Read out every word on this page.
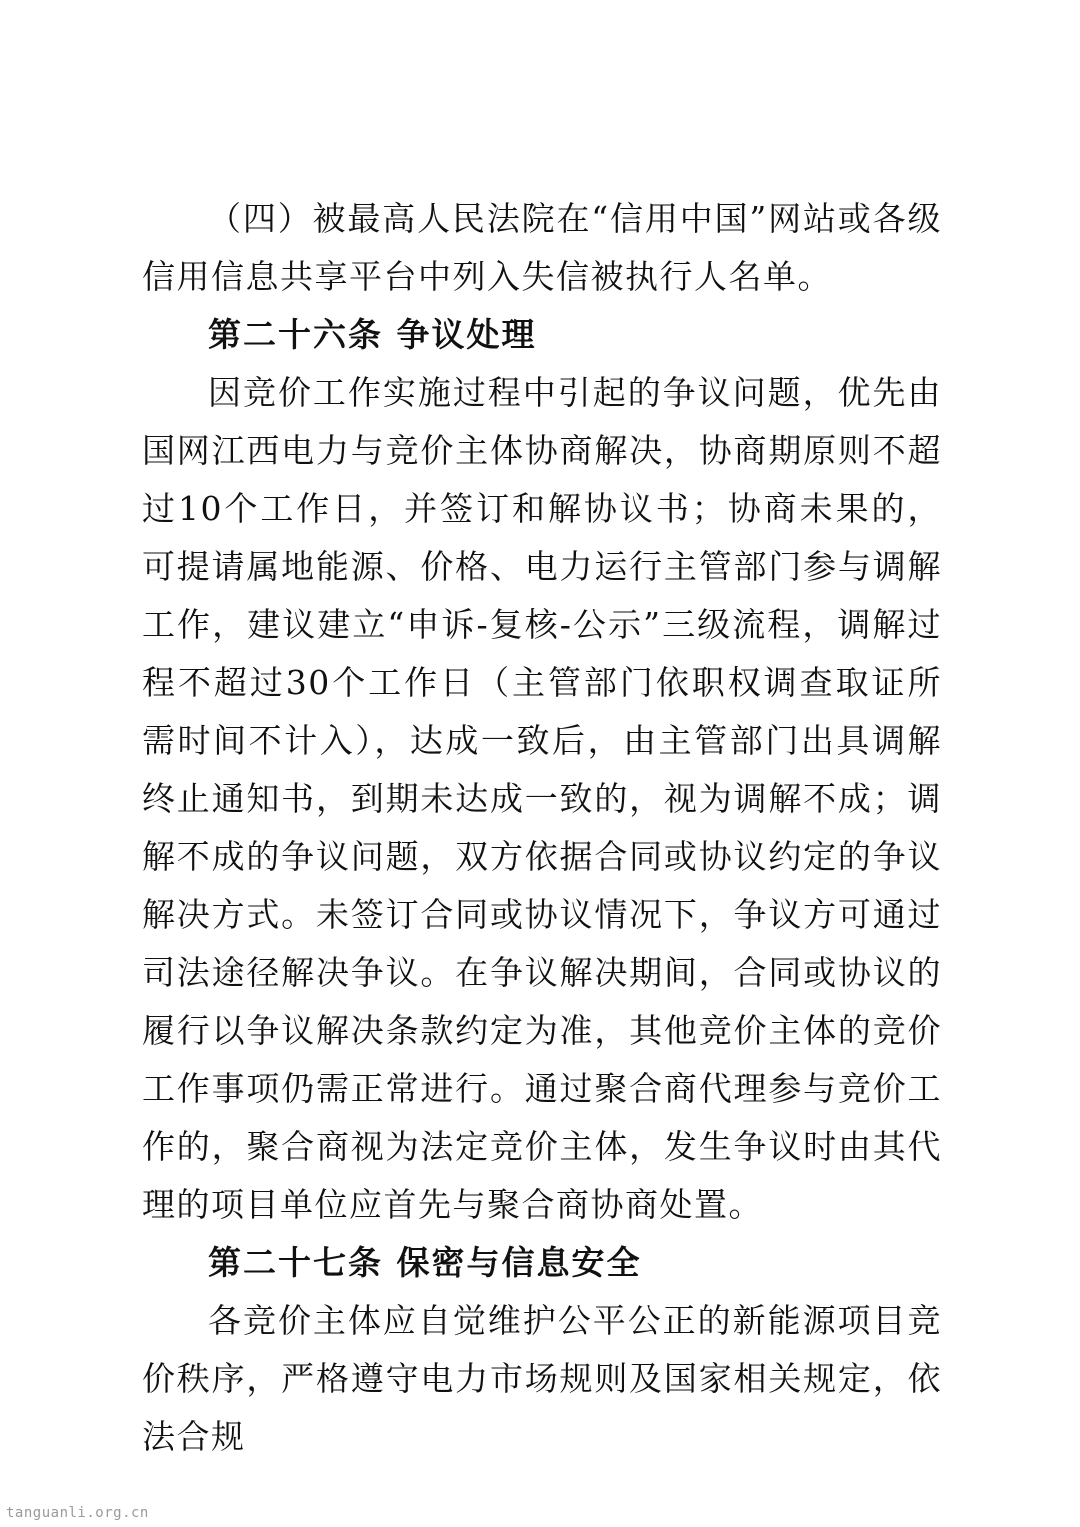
（四）被最高人民法院在“信用中国”网站或各级信用信息共享平台中列入失信被执行人名单。

第二十六条 争议处理

因竞价工作实施过程中引起的争议问题，优先由国网江西电力与竞价主体协商解决，协商期原则不超过10个工作日，并签订和解协议书；协商未果的，可提请属地能源、价格、电力运行主管部门参与调解工作，建议建立“申诉-复核-公示”三级流程，调解过程不超过30个工作日（主管部门依职权调查取证所需时间不计入），达成一致后，由主管部门出具调解终止通知书，到期未达成一致的，视为调解不成；调解不成的争议问题，双方依据合同或协议约定的争议解决方式。未签订合同或协议情况下，争议方可通过司法途径解决争议。在争议解决期间，合同或协议的履行以争议解决条款约定为准，其他竞价主体的竞价工作事项仍需正常进行。通过聚合商代理参与竞价工作的，聚合商视为法定竞价主体，发生争议时由其代理的项目单位应首先与聚合商协商处置。

第二十七条 保密与信息安全

各竞价主体应自觉维护公平公正的新能源项目竞价秩序，严格遵守电力市场规则及国家相关规定，依法合规

tanguanli.org.cn
